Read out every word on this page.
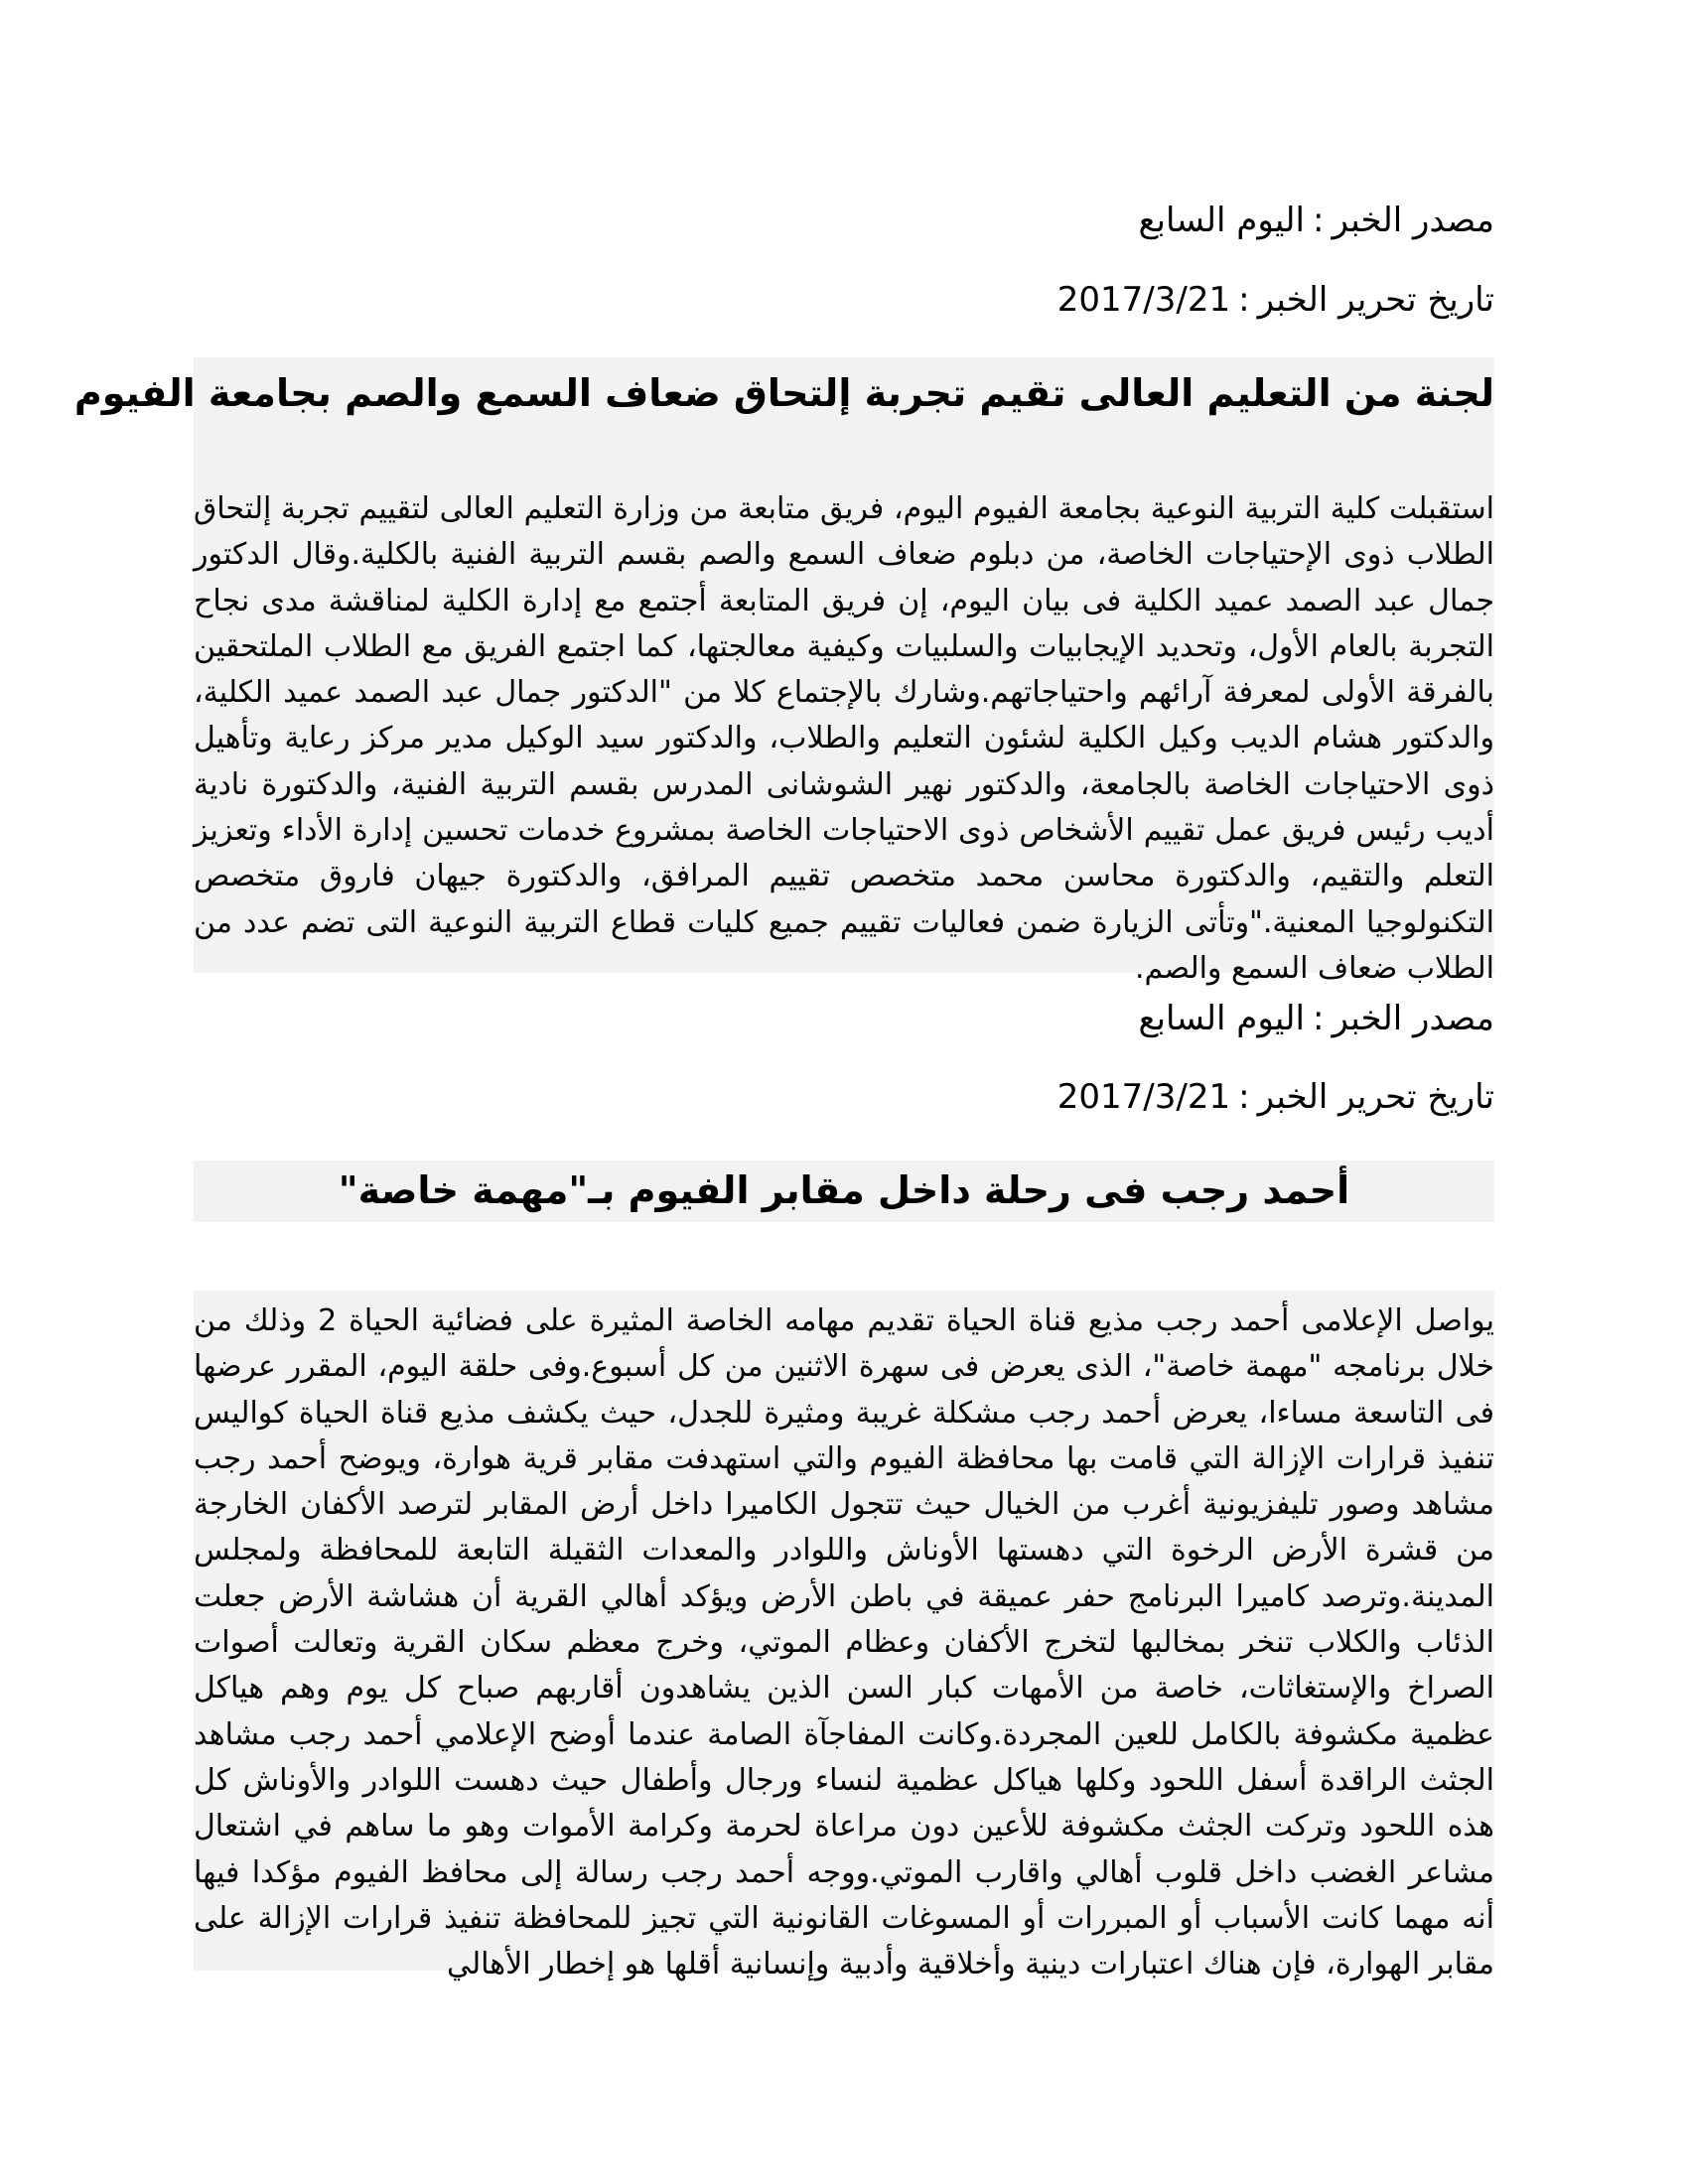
مصدر الخبر:اليوم السابع

تاريخ تحرير الخبر:2017/3/21

لجنة من التعليم العالى تقيم تجربة إلتحاق ضعاف السمع والصم بجامعة الفيوم

استقبلت كلية التربية النوعية بجامعة الفيوم اليوم، فريق متابعة من وزارة التعليم العالى لتقييم تجربة إلتحاق الطلاب ذوى الإحتياجات الخاصة، من دبلوم ضعاف السمع والصم بقسم التربية الفنية بالكلية.وقال الدكتور جمال عبد الصمد عميد الكلية فى بيان اليوم، إن فريق المتابعة أجتمع مع إدارة الكلية لمناقشة مدى نجاح التجربة بالعام الأول، وتحديد الإيجابيات والسلبيات وكيفية معالجتها، كما اجتمع الفريق مع الطلاب الملتحقين بالفرقة الأولى لمعرفة آرائهم واحتياجاتهم.وشارك بالإجتماع كلا من "الدكتور جمال عبد الصمد عميد الكلية، والدكتور هشام الديب وكيل الكلية لشئون التعليم والطلاب، والدكتور سيد الوكيل مدير مركز رعاية وتأهيل ذوى الاحتياجات الخاصة بالجامعة، والدكتور نهير الشوشانى المدرس بقسم التربية الفنية، والدكتورة نادية أديب رئيس فريق عمل تقييم الأشخاص ذوى الاحتياجات الخاصة بمشروع خدمات تحسين إدارة الأداء وتعزيز التعلم والتقيم، والدكتورة محاسن محمد متخصص تقييم المرافق، والدكتورة جيهان فاروق متخصص التكنولوجيا المعنية."وتأتى الزيارة ضمن فعاليات تقييم جميع كليات قطاع التربية النوعية التى تضم عدد من الطلاب ضعاف السمع والصم.

مصدر الخبر:اليوم السابع

تاريخ تحرير الخبر:2017/3/21

أحمد رجب فى رحلة داخل مقابر الفيوم بـ"مهمة خاصة"

يواصل الإعلامى أحمد رجب مذيع قناة الحياة تقديم مهامه الخاصة المثيرة على فضائية الحياة 2 وذلك من خلال برنامجه "مهمة خاصة"، الذى يعرض فى سهرة الاثنين من كل أسبوع.وفى حلقة اليوم، المقرر عرضها فى التاسعة مساءا، يعرض أحمد رجب مشكلة غريبة ومثيرة للجدل، حيث يكشف مذيع قناة الحياة كواليس تنفيذ قرارات الإزالة التي قامت بها محافظة الفيوم والتي استهدفت مقابر قرية هوارة، ويوضح أحمد رجب مشاهد وصور تليفزيونية أغرب من الخيال حيث تتجول الكاميرا داخل أرض المقابر لترصد الأكفان الخارجة من قشرة الأرض الرخوة التي دهستها الأوناش واللوادر والمعدات الثقيلة التابعة للمحافظة ولمجلس المدينة.وترصد كاميرا البرنامج حفر عميقة في باطن الأرض ويؤكد أهالي القرية أن هشاشة الأرض جعلت الذئاب والكلاب تنخر بمخالبها لتخرج الأكفان وعظام الموتي، وخرج معظم سكان القرية وتعالت أصوات الصراخ والإستغاثات، خاصة من الأمهات كبار السن الذين يشاهدون أقاربهم صباح كل يوم وهم هياكل عظمية مكشوفة بالكامل للعين المجردة.وكانت المفاجآة الصامة عندما أوضح الإعلامي أحمد رجب مشاهد الجثث الراقدة أسفل اللحود وكلها هياكل عظمية لنساء ورجال وأطفال حيث دهست اللوادر والأوناش كل هذه اللحود وتركت الجثث مكشوفة للأعين دون مراعاة لحرمة وكرامة الأموات وهو ما ساهم في اشتعال مشاعر الغضب داخل قلوب أهالي واقارب الموتي.ووجه أحمد رجب رسالة إلى محافظ الفيوم مؤكدا فيها أنه مهما كانت الأسباب أو المبررات أو المسوغات القانونية التي تجيز للمحافظة تنفيذ قرارات الإزالة على مقابر الهوارة، فإن هناك اعتبارات دينية وأخلاقية وأدبية وإنسانية أقلها هو إخطار الأهالي
